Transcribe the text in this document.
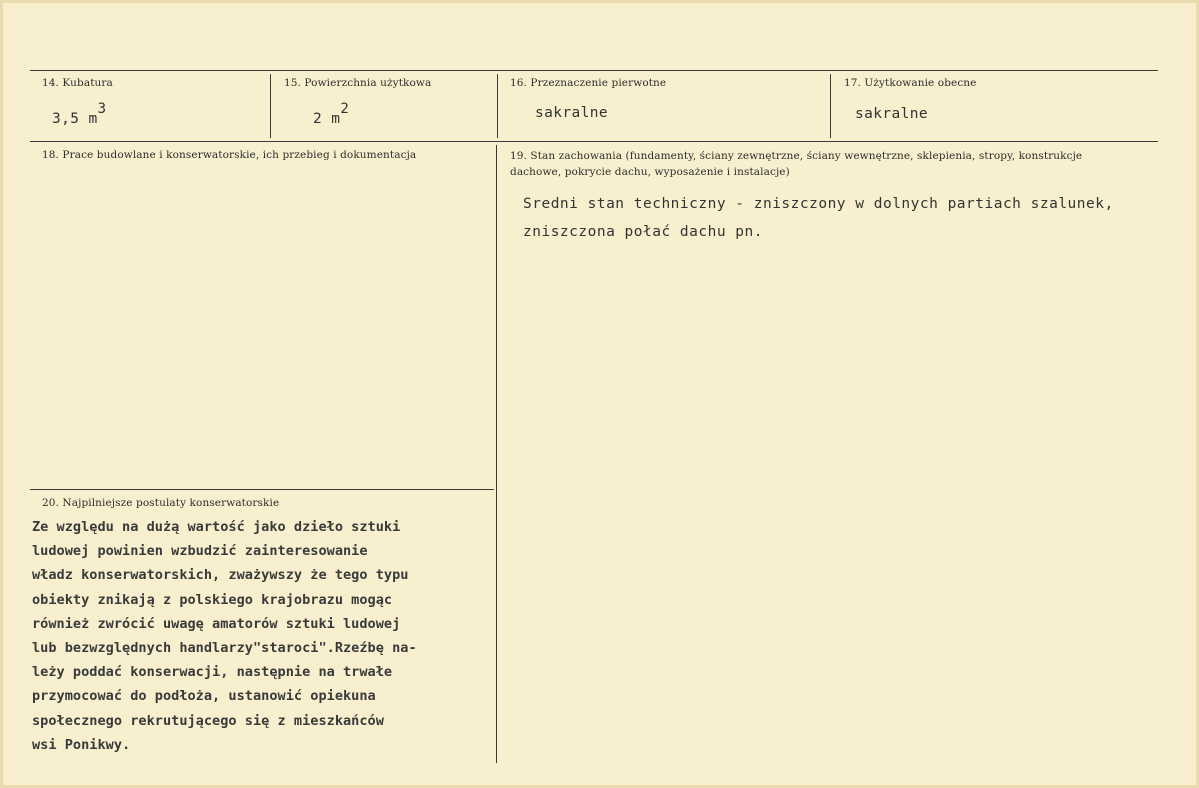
14. Kubatura
3,5 $m^3$
15. Powierzchnia użytkowa
2 $m^2$
16. Przeznaczenie pierwotne
sakralne
17. Użytkowanie obecne
sakralne
18. Prace budowlane i konserwatorskie, ich przebieg i dokumentacja	19. Stan zachowania (fundamenty, ściany zewnętrzne, ściany wewnętrzne, sklepienia, stropy, konstrukcje dachowe, pokrycie dachu, wyposażenie i instalacje)
Sredni stan techniczny - zniszczony w dolnych partiach szalunek,
zniszczona połać dachu pn.
20. Najpilniejsze postulaty konserwatorskie
Ze względu na dużą wartość jako dzieło sztuki
ludowej powinien wzbudzić zainteresowanie
władz konserwatorskich, zważywszy że tego typu
obiekty znikają z polskiego krajobrazu mogąc
również zwrócić uwagę amatorów sztuki ludowej
lub bezwzględnych handlarzy"staroci".Rzeźbę na-
leży poddać konserwacji, następnie na trwałe
przymocować do podłoża, ustanowić opiekuna
społecznego rekrutującego się z mieszkańców
wsi Ponikwy.
